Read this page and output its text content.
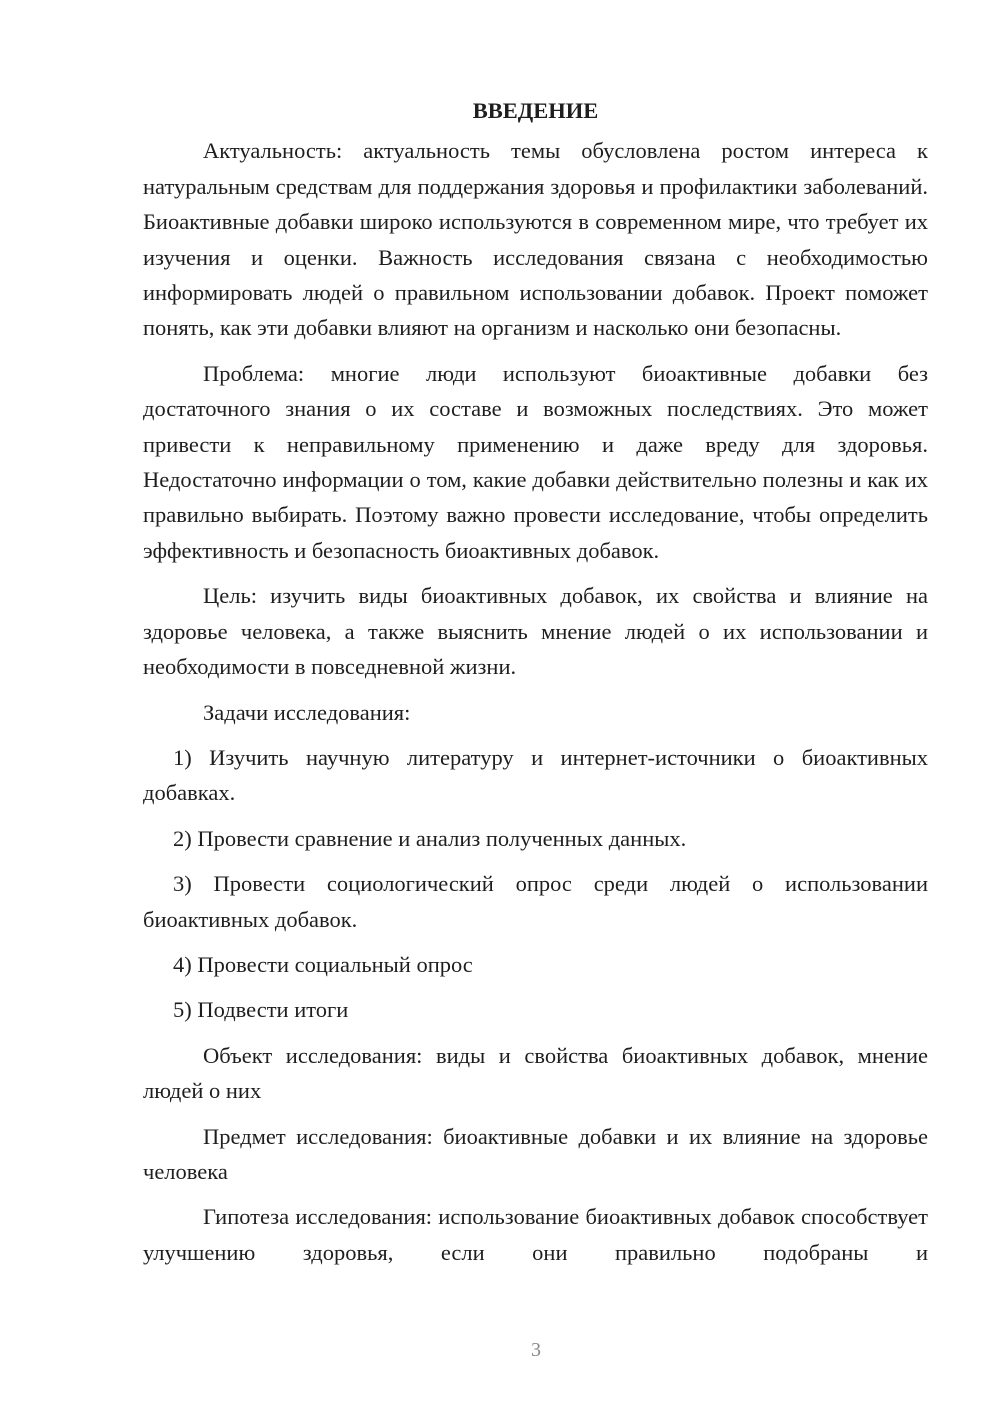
ВВЕДЕНИЕ

Актуальность: актуальность темы обусловлена ростом интереса к натуральным средствам для поддержания здоровья и профилактики заболеваний. Биоактивные добавки широко используются в современном мире, что требует их изучения и оценки. Важность исследования связана с необходимостью информировать людей о правильном использовании добавок. Проект поможет понять, как эти добавки влияют на организм и насколько они безопасны.

Проблема: многие люди используют биоактивные добавки без достаточного знания о их составе и возможных последствиях. Это может привести к неправильному применению и даже вреду для здоровья. Недостаточно информации о том, какие добавки действительно полезны и как их правильно выбирать. Поэтому важно провести исследование, чтобы определить эффективность и безопасность биоактивных добавок.

Цель: изучить виды биоактивных добавок, их свойства и влияние на здоровье человека, а также выяснить мнение людей о их использовании и необходимости в повседневной жизни.

Задачи исследования:

1) Изучить научную литературу и интернет-источники о биоактивных добавках.

2) Провести сравнение и анализ полученных данных.

3) Провести социологический опрос среди людей о использовании биоактивных добавок.

4) Провести социальный опрос

5) Подвести итоги

Объект исследования: виды и свойства биоактивных добавок, мнение людей о них

Предмет исследования: биоактивные добавки и их влияние на здоровье человека

Гипотеза исследования: использование биоактивных добавок способствует улучшению здоровья, если они правильно подобраны и

3
